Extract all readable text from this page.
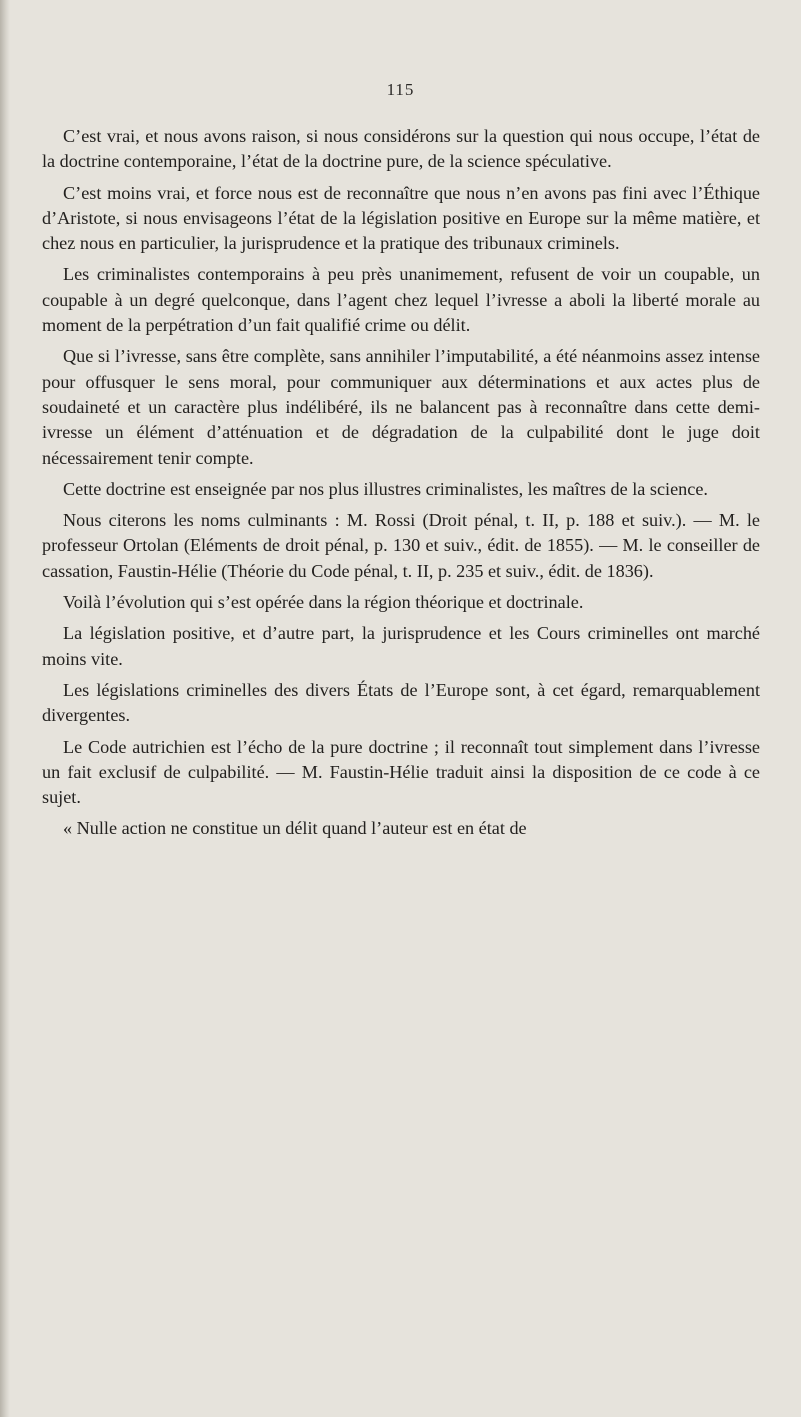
115

C’est vrai, et nous avons raison, si nous considérons sur la question qui nous occupe, l’état de la doctrine contemporaine, l’état de la doctrine pure, de la science spéculative.

C’est moins vrai, et force nous est de reconnaître que nous n’en avons pas fini avec l’Éthique d’Aristote, si nous envisageons l’état de la législation positive en Europe sur la même matière, et chez nous en particulier, la jurisprudence et la pratique des tribunaux criminels.

Les criminalistes contemporains à peu près unanimement, refusent de voir un coupable, un coupable à un degré quelconque, dans l’agent chez lequel l’ivresse a aboli la liberté morale au moment de la perpétration d’un fait qualifié crime ou délit.

Que si l’ivresse, sans être complète, sans annihiler l’imputabilité, a été néanmoins assez intense pour offusquer le sens moral, pour communiquer aux déterminations et aux actes plus de soudaineté et un caractère plus indélibéré, ils ne balancent pas à reconnaître dans cette demi-ivresse un élément d’atténuation et de dégradation de la culpabilité dont le juge doit nécessairement tenir compte.

Cette doctrine est enseignée par nos plus illustres criminalistes, les maîtres de la science.

Nous citerons les noms culminants : M. Rossi (Droit pénal, t. II, p. 188 et suiv.). — M. le professeur Ortolan (Eléments de droit pénal, p. 130 et suiv., édit. de 1855). — M. le conseiller de cassation, Faustin-Hélie (Théorie du Code pénal, t. II, p. 235 et suiv., édit. de 1836).

Voilà l’évolution qui s’est opérée dans la région théorique et doctrinale.

La législation positive, et d’autre part, la jurisprudence et les Cours criminelles ont marché moins vite.

Les législations criminelles des divers États de l’Europe sont, à cet égard, remarquablement divergentes.

Le Code autrichien est l’écho de la pure doctrine ; il reconnaît tout simplement dans l’ivresse un fait exclusif de culpabilité. — M. Faustin-Hélie traduit ainsi la disposition de ce code à ce sujet.

« Nulle action ne constitue un délit quand l’auteur est en état de
